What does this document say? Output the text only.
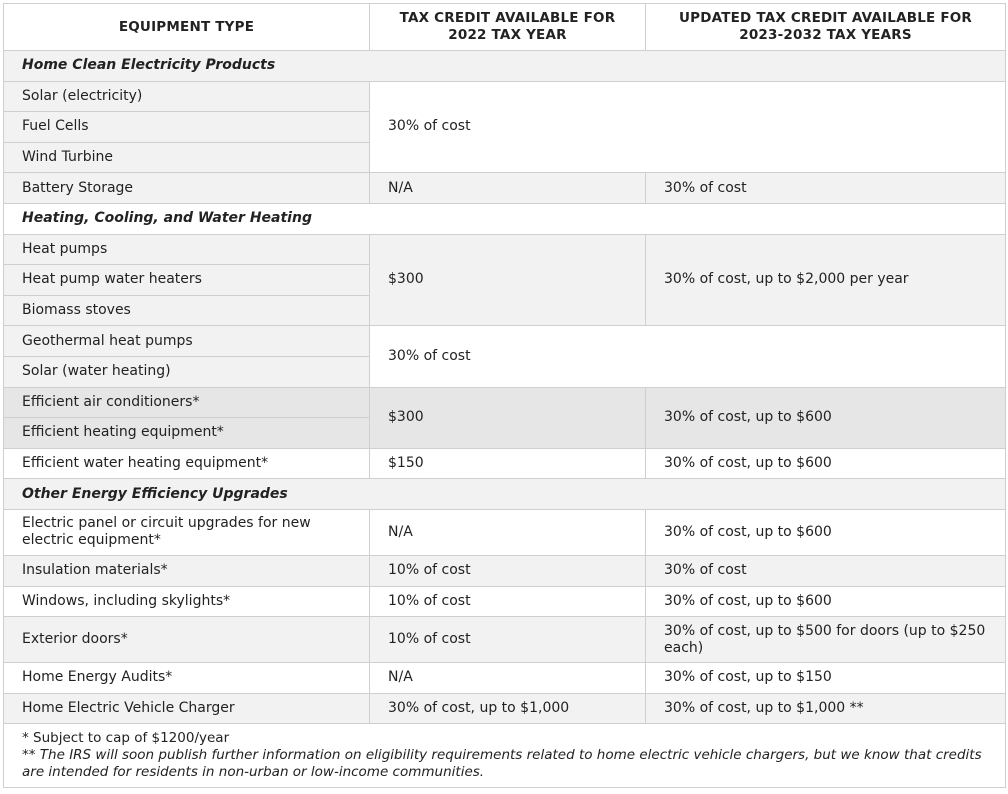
EQUIPMENT TYPE	TAX CREDIT AVAILABLE FOR 2022 TAX YEAR	UPDATED TAX CREDIT AVAILABLE FOR 2023-2032 TAX YEARS
Home Clean Electricity Products		
Solar (electricity)	30% of cost	
Fuel Cells		
Wind Turbine		
Battery Storage	N/A	30% of cost
Heating, Cooling, and Water Heating		
Heat pumps	$300	30% of cost, up to $2,000 per year
Heat pump water heaters		
Biomass stoves		
Geothermal heat pumps	30% of cost	
Solar (water heating)		
Efficient air conditioners*	$300	30% of cost, up to $600
Efficient heating equipment*		
Efficient water heating equipment*	$150	30% of cost, up to $600
Other Energy Efficiency Upgrades		
Electric panel or circuit upgrades for new electric equipment*	N/A	30% of cost, up to $600
Insulation materials*	10% of cost	30% of cost
Windows, including skylights*	10% of cost	30% of cost, up to $600
Exterior doors*	10% of cost	30% of cost, up to $500 for doors (up to $250 each)
Home Energy Audits*	N/A	30% of cost, up to $150
Home Electric Vehicle Charger	30% of cost, up to $1,000	30% of cost, up to $1,000 **

* Subject to cap of $1200/year
** The IRS will soon publish further information on eligibility requirements related to home electric vehicle chargers, but we know that credits are intended for residents in non-urban or low-income communities.		
